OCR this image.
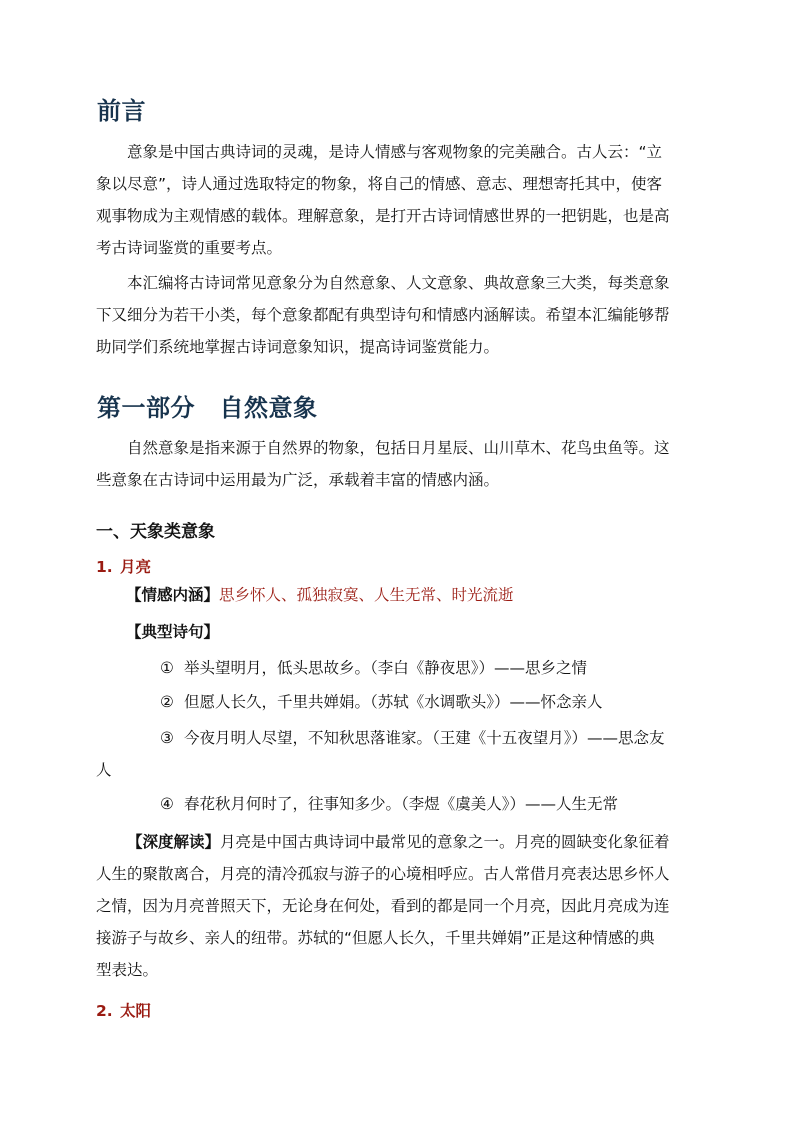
前言
意象是中国古典诗词的灵魂，是诗人情感与客观物象的完美融合。古人云：“立
象以尽意”，诗人通过选取特定的物象，将自己的情感、意志、理想寄托其中，使客
观事物成为主观情感的载体。理解意象，是打开古诗词情感世界的一把钥匙，也是高
考古诗词鉴赏的重要考点。
本汇编将古诗词常见意象分为自然意象、人文意象、典故意象三大类，每类意象
下又细分为若干小类，每个意象都配有典型诗句和情感内涵解读。希望本汇编能够帮
助同学们系统地掌握古诗词意象知识，提高诗词鉴赏能力。
第一部分　自然意象
自然意象是指来源于自然界的物象，包括日月星辰、山川草木、花鸟虫鱼等。这
些意象在古诗词中运用最为广泛，承载着丰富的情感内涵。
一、天象类意象
1. 月亮
【情感内涵】思乡怀人、孤独寂寞、人生无常、时光流逝
【典型诗句】
① 举头望明月，低头思故乡。（李白《静夜思》）——思乡之情
② 但愿人长久，千里共婵娟。（苏轼《水调歌头》）——怀念亲人
③ 今夜月明人尽望，不知秋思落谁家。（王建《十五夜望月》）——思念友
人
④ 春花秋月何时了，往事知多少。（李煜《虞美人》）——人生无常
【深度解读】月亮是中国古典诗词中最常见的意象之一。月亮的圆缺变化象征着
人生的聚散离合，月亮的清冷孤寂与游子的心境相呼应。古人常借月亮表达思乡怀人
之情，因为月亮普照天下，无论身在何处，看到的都是同一个月亮，因此月亮成为连
接游子与故乡、亲人的纽带。苏轼的“但愿人长久，千里共婵娟”正是这种情感的典
型表达。
2. 太阳
